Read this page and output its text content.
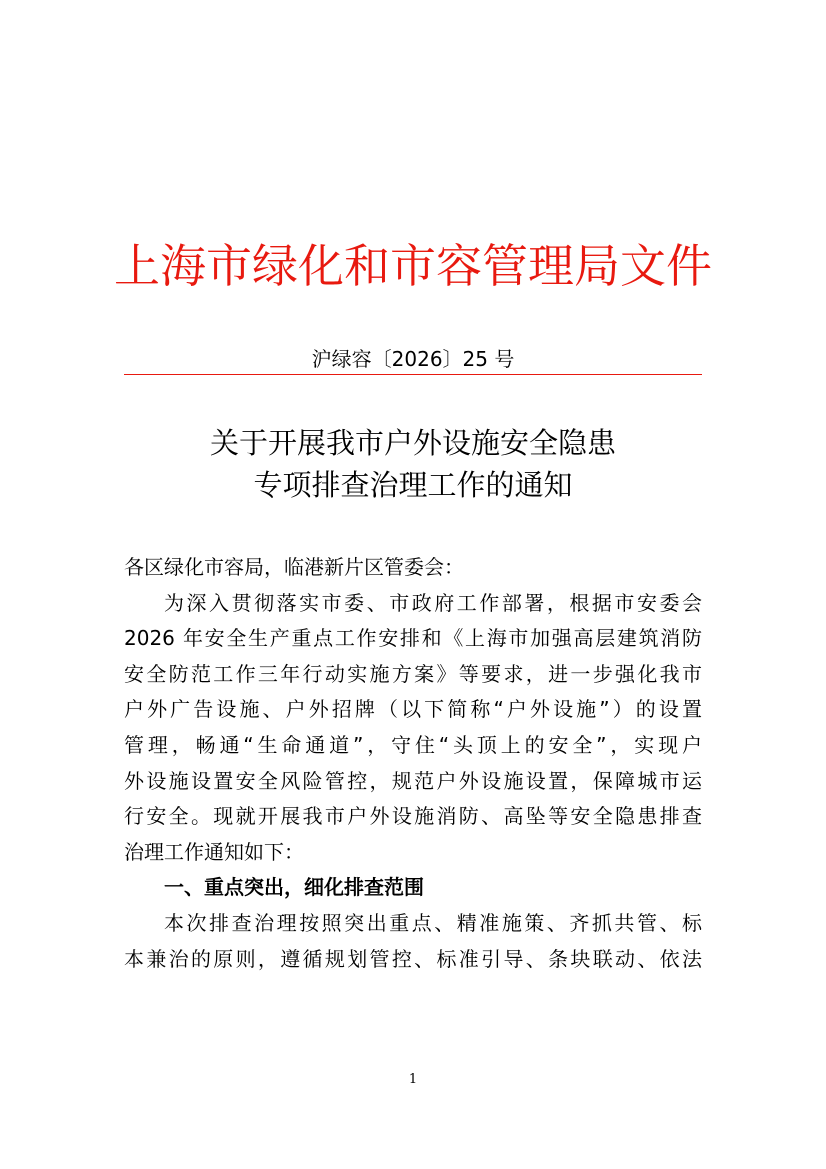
上海市绿化和市容管理局文件
沪绿容〔2026〕25 号
关于开展我市户外设施安全隐患
专项排查治理工作的通知
各区绿化市容局，临港新片区管委会：
为深入贯彻落实市委、市政府工作部署，根据市安委会
2026 年安全生产重点工作安排和《上海市加强高层建筑消防
安全防范工作三年行动实施方案》等要求，进一步强化我市
户外广告设施、户外招牌（以下简称“户外设施”）的设置
管理，畅通“生命通道”，守住“头顶上的安全”，实现户
外设施设置安全风险管控，规范户外设施设置，保障城市运
行安全。现就开展我市户外设施消防、高坠等安全隐患排查
治理工作通知如下：
一、重点突出，细化排查范围
本次排查治理按照突出重点、精准施策、齐抓共管、标
本兼治的原则，遵循规划管控、标准引导、条块联动、依法
1
